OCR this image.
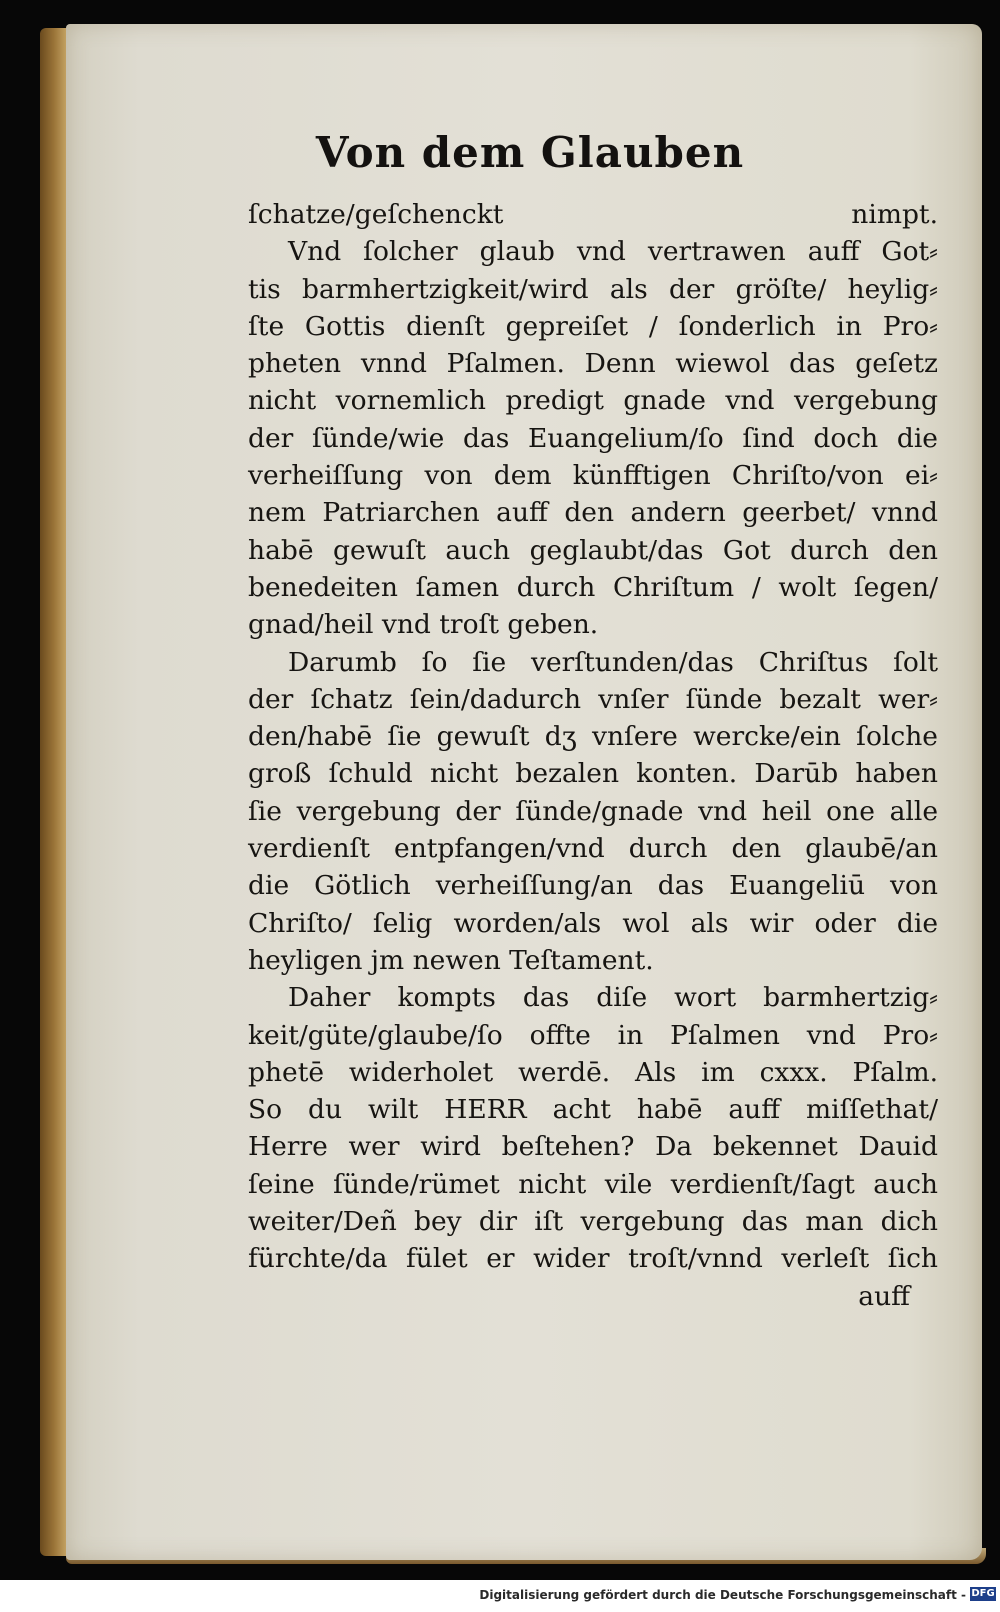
Von dem Glauben
ſchatze/geſchenckt nimpt.
Vnd ſolcher glaub vnd vertrawen auff Got⸗
tis barmhertzigkeit/wird als der gröſte/ heylig⸗
ſte Gottis dienſt gepreiſet / ſonderlich in Pro⸗
pheten vnnd Pſalmen. Denn wiewol das geſetz
nicht vornemlich predigt gnade vnd vergebung
der ſünde/wie das Euangelium/ſo ſind doch die
verheiſſung von dem künfftigen Chriſto/von ei⸗
nem Patriarchen auff den andern geerbet/ vnnd
habē gewuſt auch geglaubt/das Got durch den
benedeiten ſamen durch Chriſtum / wolt ſegen/
gnad/heil vnd troſt geben.
Darumb ſo ſie verſtunden/das Chriſtus ſolt
der ſchatz ſein/dadurch vnſer ſünde bezalt wer⸗
den/habē ſie gewuſt dʒ vnſere wercke/ein ſolche
groß ſchuld nicht bezalen konten. Darūb haben
ſie vergebung der ſünde/gnade vnd heil one alle
verdienſt entpfangen/vnd durch den glaubē/an
die Götlich verheiſſung/an das Euangeliū von
Chriſto/ ſelig worden/als wol als wir oder die
heyligen jm newen Teſtament.
Daher kompts das diſe wort barmhertzig⸗
keit/güte/glaube/ſo offte in Pſalmen vnd Pro⸗
phetē widerholet werdē. Als im cxxx. Pſalm.
So du wilt HERR acht habē auff miſſethat/
Herre wer wird beſtehen? Da bekennet Dauid
ſeine ſünde/rümet nicht vile verdienſt/ſagt auch
weiter/Deñ bey dir iſt vergebung das man dich
fürchte/da fület er wider troſt/vnnd verleſt ſich
auff
Digitalisierung gefördert durch die Deutsche Forschungsgemeinschaft - DFG
